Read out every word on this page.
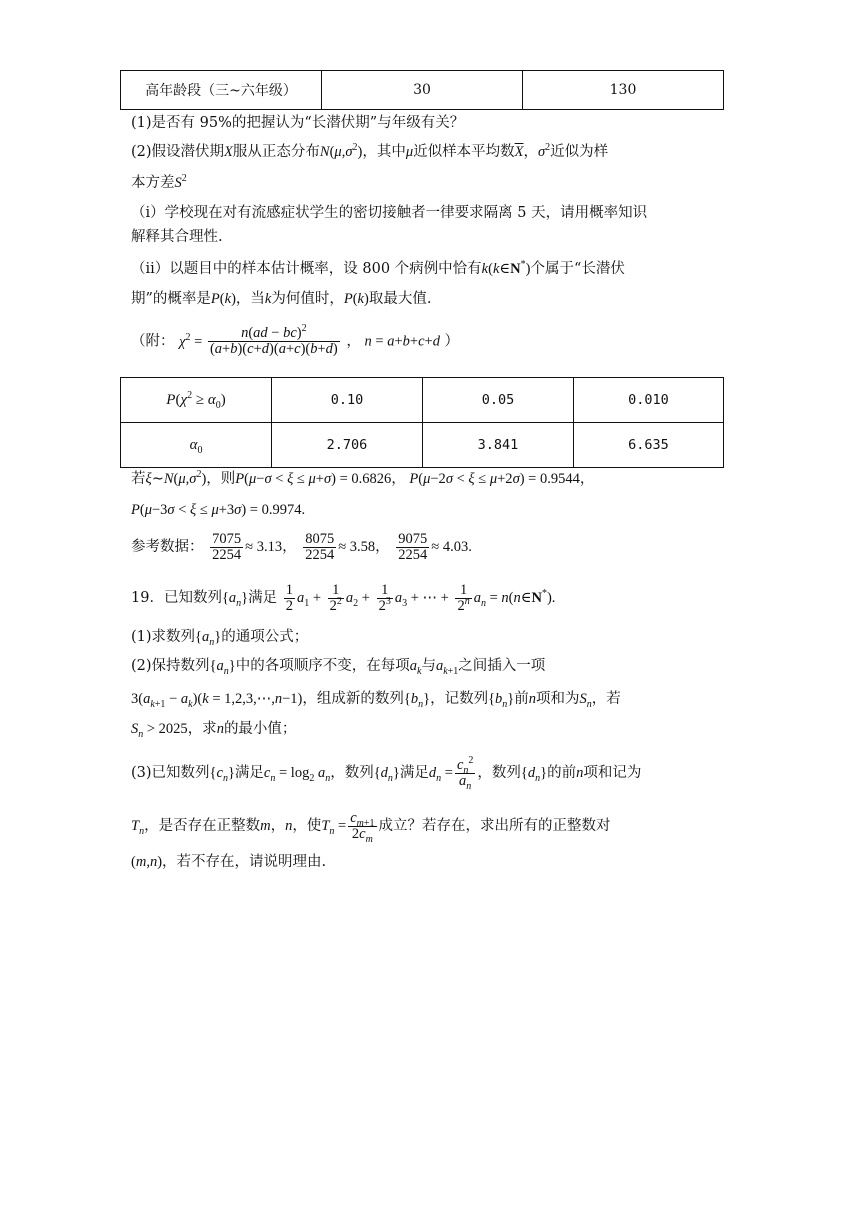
高年龄段（三~六年级）	30	130
(1)是否有 95%的把握认为“长潜伏期”与年级有关？
(2)假设潜伏期X服从正态分布$N(\mu,\sigma^2)$，其中μ近似样本平均数$\overline{X}$，$\sigma^2$近似为样
本方差$S^2$
（i）学校现在对有流感症状学生的密切接触者一律要求隔离 5 天，请用概率知识
解释其合理性.
（ii）以题目中的样本估计概率，设 800 个病例中恰有k(k∈N*)个属于“长潜伏
期”的概率是P(k)，当k为何值时，P(k)取最大值.
（附： $\chi^2 = \frac{n(ad - bc)^2}{(a+b)(c+d)(a+c)(b+d)}$ ， n = a+b+c+d ）
$P(\chi^2 \ge \alpha_0)$	0.10	0.05	0.010
$\alpha_0$	2.706	3.841	6.635
若$\xi\sim N(\mu,\sigma^2)$，则P(μ−σ < ξ ≤ μ+σ) = 0.6826， P(μ−2σ < ξ ≤ μ+2σ) = 0.9544，
P(μ−3σ < ξ ≤ μ+3σ) = 0.9974.
参考数据： $\frac{7075}{2254} \approx 3.13$， $\frac{8075}{2254} \approx 3.58$， $\frac{9075}{2254} \approx 4.03$.
19．已知数列$\{a_n\}$满足 $\frac{1}{2} a_1 + \frac{1}{2^2} a_2 + \frac{1}{2^3} a_3$ + ⋯ + $\frac{1}{2^n} a_n$ = n(n∈N*).
(1)求数列$\{a_n\}$的通项公式；
(2)保持数列$\{a_n\}$中的各项顺序不变，在每项$a_k$与$a_{k+1}$之间插入一项
$3(a_{k+1} - a_k)(k$ = 1,2,3,⋯,n−1)，组成新的数列$\{b_n\}$，记数列$\{b_n\}$前n项和为$S_n$，若
$S_n > 2025$，求n的最小值；
(3)已知数列$\{c_n\}$满足$c_n = \log_2 a_n$，数列$\{d_n\}$满足$d_n = \frac{c_n^2}{a_n}$ ，数列$\{d_n\}$的前n项和记为
$T_n$，是否存在正整数m，n，使$T_n = \frac{c_{m+1}}{2c_m}$ 成立？若存在，求出所有的正整数对
(m,n)，若不存在，请说明理由.
